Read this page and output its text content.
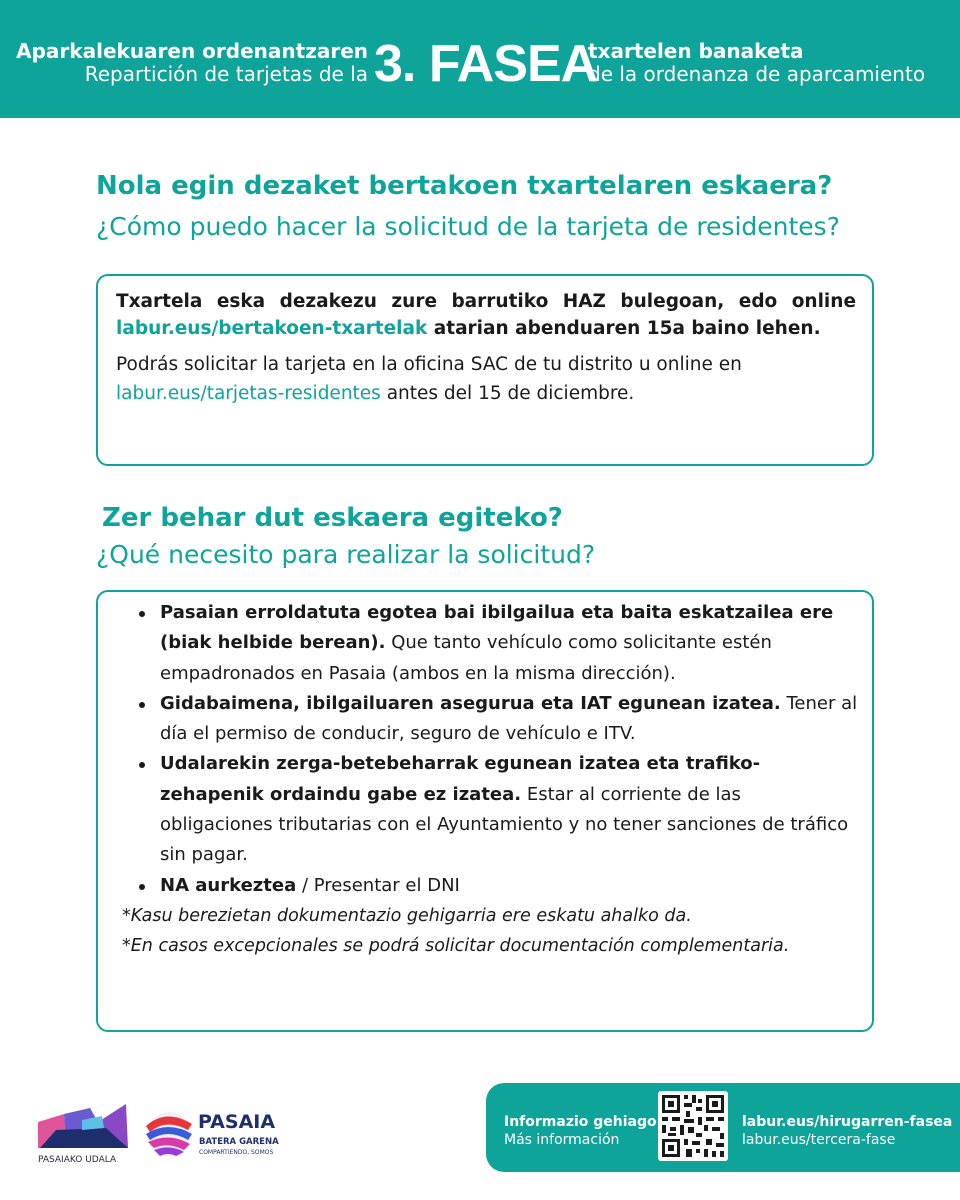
Aparkalekuaren ordenantzaren
Repartición de tarjetas de la 3. FASEA
txartelen banaketa
de la ordenanza de aparcamiento
Nola egin dezaket bertakoen txartelaren eskaera?
¿Cómo puedo hacer la solicitud de la tarjeta de residentes?

Txartela eska dezakezu zure barrutiko HAZ bulegoan, edo online labur.eus/bertakoen-txartelak atarian abenduaren 15a baino lehen.

Podrás solicitar la tarjeta en la oficina SAC de tu distrito u online en labur.eus/tarjetas-residentes antes del 15 de diciembre.

Zer behar dut eskaera egiteko?
¿Qué necesito para realizar la solicitud?
Pasaian erroldatuta egotea bai ibilgailua eta baita eskatzailea ere (biak helbide berean). Que tanto vehículo como solicitante estén empadronados en Pasaia (ambos en la misma dirección).
Gidabaimena, ibilgailuaren asegurua eta IAT egunean izatea. Tener al día el permiso de conducir, seguro de vehículo e ITV.
Udalarekin zerga-betebeharrak egunean izatea eta trafiko-zehapenik ordaindu gabe ez izatea. Estar al corriente de las obligaciones tributarias con el Ayuntamiento y no tener sanciones de tráfico sin pagar.
NA aurkeztea / Presentar el DNI

*Kasu berezietan dokumentazio gehigarria ere eskatu ahalko da.

*En casos excepcionales se podrá solicitar documentación complementaria.

PASAIAKO UDALA
PASAIA
BATERA GARENA
COMPARTIENDO, SOMOS
Informazio gehiago
Más información
labur.eus/hirugarren-fasea
labur.eus/tercera-fase
